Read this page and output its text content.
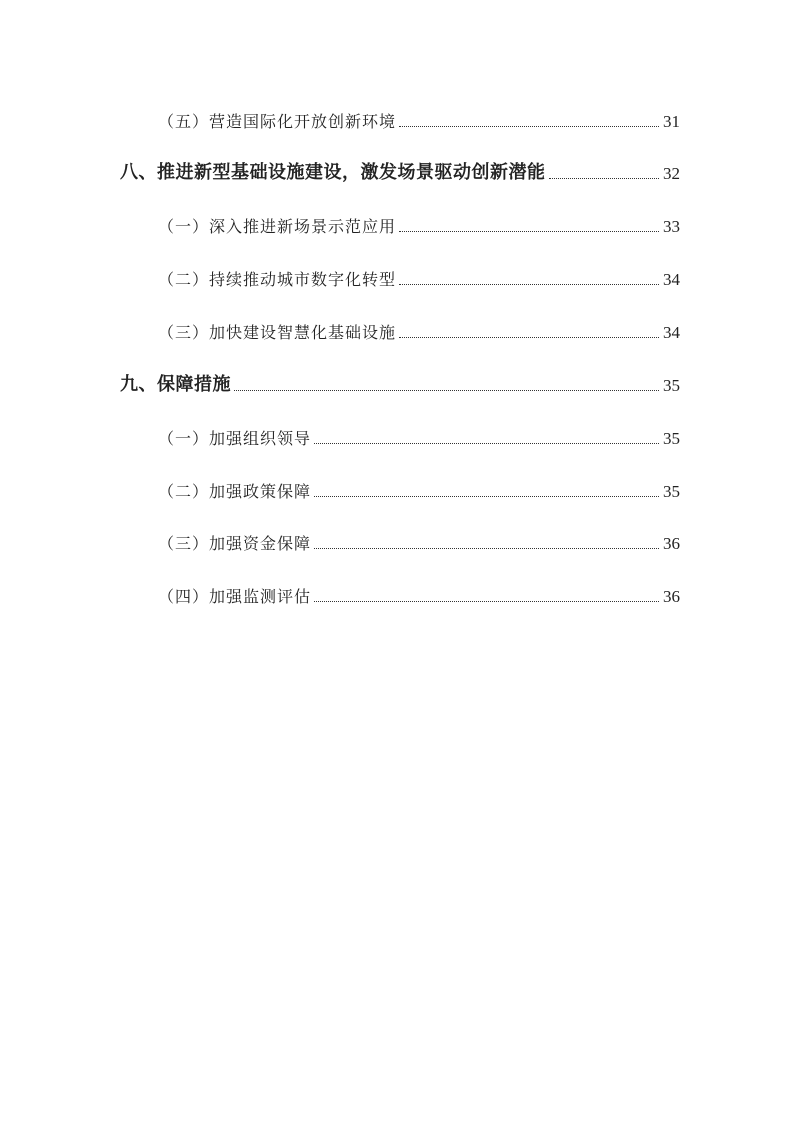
（五）营造国际化开放创新环境	31
八、推进新型基础设施建设，激发场景驱动创新潜能	32
（一）深入推进新场景示范应用	33
（二）持续推动城市数字化转型	34
（三）加快建设智慧化基础设施	34
九、保障措施	35
（一）加强组织领导	35
（二）加强政策保障	35
（三）加强资金保障	36
（四）加强监测评估	36
